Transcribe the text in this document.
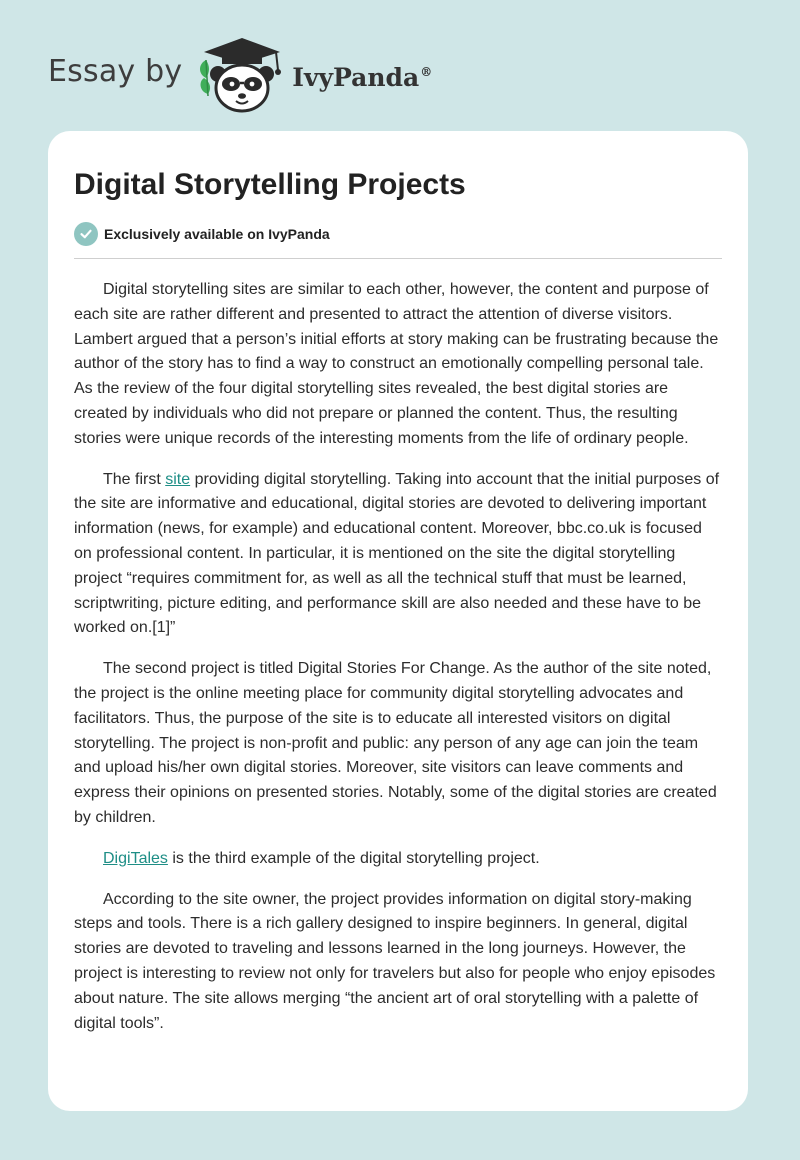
Essay by	IvyPanda®
Digital Storytelling Projects
Exclusively available on IvyPanda

Digital storytelling sites are similar to each other, however, the content and purpose of each site are rather different and presented to attract the attention of diverse visitors. Lambert argued that a person’s initial efforts at story making can be frustrating because the author of the story has to find a way to construct an emotionally compelling personal tale. As the review of the four digital storytelling sites revealed, the best digital stories are created by individuals who did not prepare or planned the content. Thus, the resulting stories were unique records of the interesting moments from the life of ordinary people.

The first site providing digital storytelling. Taking into account that the initial purposes of the site are informative and educational, digital stories are devoted to delivering important information (news, for example) and educational content. Moreover, bbc.co.uk is focused on professional content. In particular, it is mentioned on the site the digital storytelling project “requires commitment for, as well as all the technical stuff that must be learned, scriptwriting, picture editing, and performance skill are also needed and these have to be worked on.[1]”

The second project is titled Digital Stories For Change. As the author of the site noted, the project is the online meeting place for community digital storytelling advocates and facilitators. Thus, the purpose of the site is to educate all interested visitors on digital storytelling. The project is non-profit and public: any person of any age can join the team and upload his/her own digital stories. Moreover, site visitors can leave comments and express their opinions on presented stories. Notably, some of the digital stories are created by children.

DigiTales is the third example of the digital storytelling project.

According to the site owner, the project provides information on digital story-making steps and tools. There is a rich gallery designed to inspire beginners. In general, digital stories are devoted to traveling and lessons learned in the long journeys. However, the project is interesting to review not only for travelers but also for people who enjoy episodes about nature. The site allows merging “the ancient art of oral storytelling with a palette of digital tools”.
